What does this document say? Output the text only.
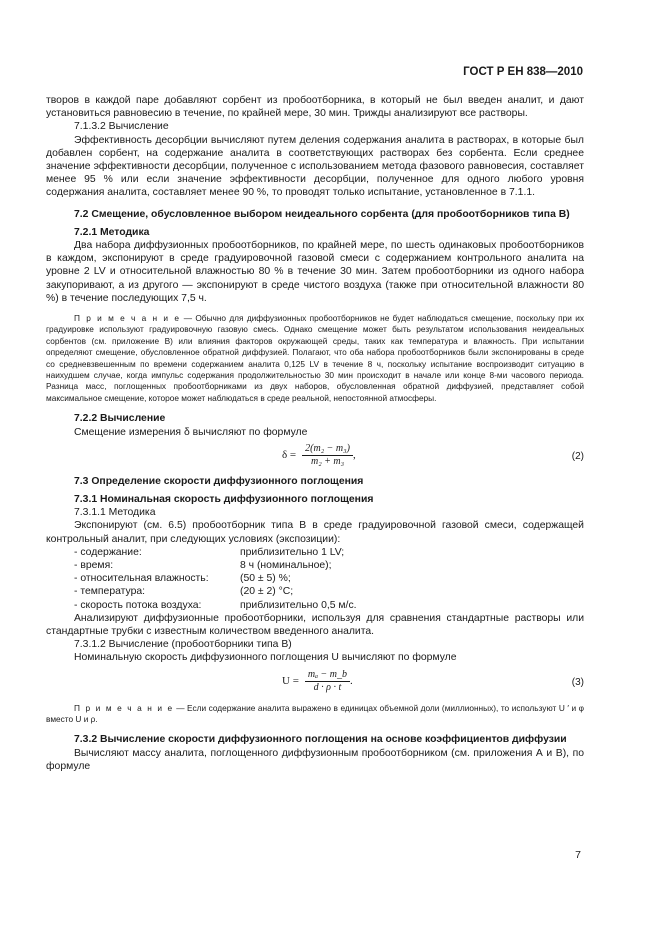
ГОСТ Р ЕН 838—2010

творов в каждой паре добавляют сорбент из пробоотборника, в который не был введен аналит, и дают установиться равновесию в течение, по крайней мере, 30 мин. Трижды анализируют все растворы.

7.1.3.2 Вычисление

Эффективность десорбции вычисляют путем деления содержания аналита в растворах, в которые был добавлен сорбент, на содержание аналита в соответствующих растворах без сорбента. Если среднее значение эффективности десорбции, полученное с использованием метода фазового равновесия, составляет менее 95 % или если значение эффективности десорбции, полученное для одного любого уровня содержания аналита, составляет менее 90 %, то проводят только испытание, установленное в 7.1.1.

7.2 Смещение, обусловленное выбором неидеального сорбента (для пробоотборников типа В)

7.2.1 Методика

Два набора диффузионных пробоотборников, по крайней мере, по шесть одинаковых пробоотборников в каждом, экспонируют в среде градуировочной газовой смеси с содержанием контрольного аналита на уровне 2 LV и относительной влажностью 80 % в течение 30 мин. Затем пробоотборники из одного набора закупоривают, а из другого — экспонируют в среде чистого воздуха (также при относительной влажности 80 %) в течение последующих 7,5 ч.

П р и м е ч а н и е — Обычно для диффузионных пробоотборников не будет наблюдаться смещение, поскольку при их градуировке используют градуировочную газовую смесь. Однако смещение может быть результатом использования неидеальных сорбентов (см. приложение В) или влияния факторов окружающей среды, таких как температура и влажность. При испытании определяют смещение, обусловленное обратной диффузией. Полагают, что оба набора пробоотборников были экспонированы в среде со средневзвешенным по времени содержанием аналита 0,125 LV в течение 8 ч, поскольку испытание воспроизводит ситуацию в наихудшем случае, когда импульс содержания продолжительностью 30 мин происходит в начале или конце 8-ми часового периода. Разница масс, поглощенных пробоотборниками из двух наборов, обусловленная обратной диффузией, представляет собой максимальное смещение, которое может наблюдаться в среде реальной, непостоянной атмосферы.

7.2.2 Вычисление

Смещение измерения δ вычисляют по формуле

$\delta = \frac{\text{2(m₂ − m₃)}}{\text{m₂ + m₃}}$ ,	(2)

7.3 Определение скорости диффузионного поглощения

7.3.1 Номинальная скорость диффузионного поглощения

7.3.1.1 Методика

Экспонируют (см. 6.5) пробоотборник типа В в среде градуировочной газовой смеси, содержащей контрольный аналит, при следующих условиях (экспозиции):

- содержание:	приблизительно 1 LV;
- время:	8 ч (номинальное);
- относительная влажность:	(50 ± 5) %;
- температура:	(20 ± 2) °C;
- скорость потока воздуха:	приблизительно 0,5 м/с.

Анализируют диффузионные пробоотборники, используя для сравнения стандартные растворы или стандартные трубки с известным количеством введенного аналита.

7.3.1.2 Вычисление (пробоотборники типа В)

Номинальную скорость диффузионного поглощения U вычисляют по формуле

$U = \frac{\text{mₐ − m\_b}}{d \cdot \rho \cdot t}$ .	(3)

П р и м е ч а н и е — Если содержание аналита выражено в единицах объемной доли (миллионных), то используют U ′ и φ вместо U и ρ.

7.3.2 Вычисление скорости диффузионного поглощения на основе коэффициентов диффузии

Вычисляют массу аналита, поглощенного диффузионным пробоотборником (см. приложения А и В), по формуле

7
